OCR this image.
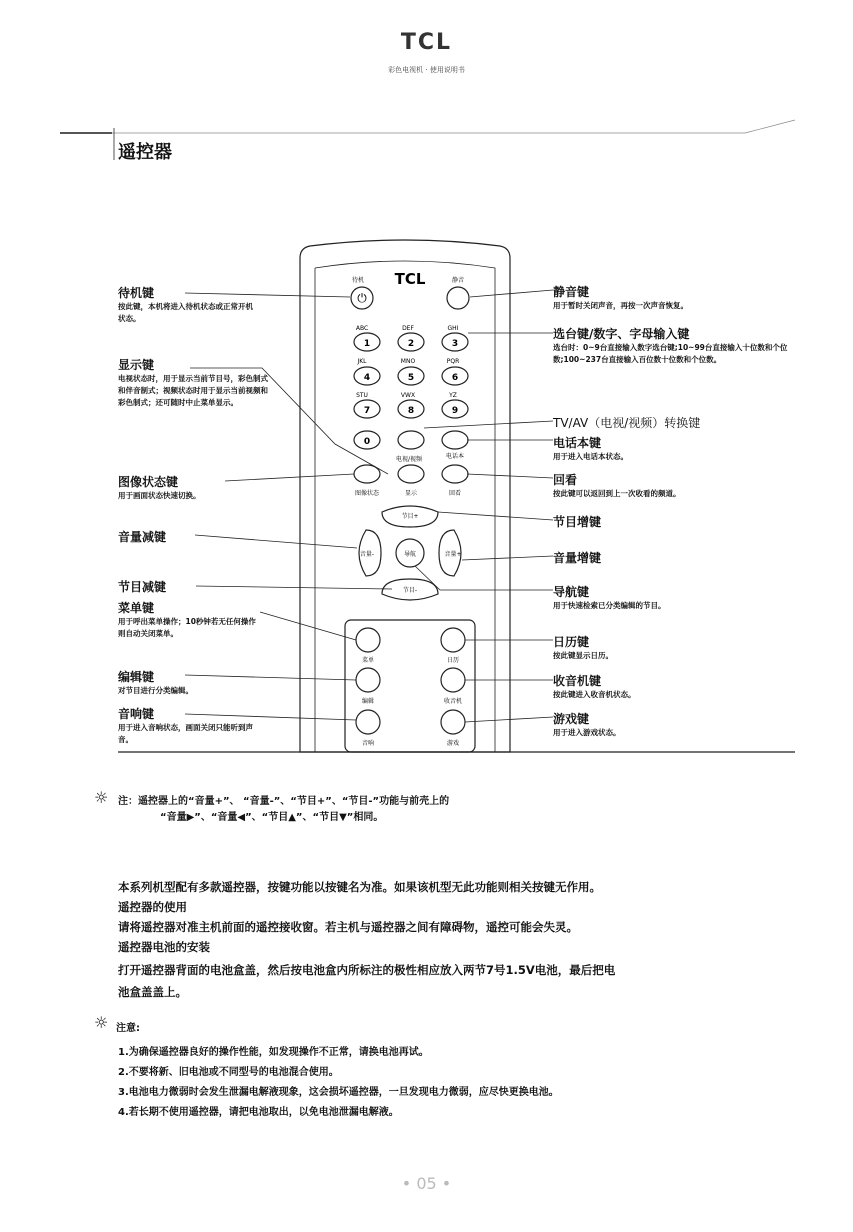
TCL
彩色电视机 · 使用说明书
遥控器
TCL
⏻
待机	静音
ABC	DEF	GHI
JKL	MNO	PQR
STU	VWX	YZ
电视/视频	电话本
图像状态	显示	回看
1	2	3
4	5	6
7	8	9
0
节目+
节目-
音量-	音量+
导航
菜单	日历
编辑	收音机
音响	游戏
待机键
按此键，本机将进入待机状态或正常开机状态。
显示键
电视状态时，用于显示当前节目号，彩色制式和伴音制式；视频状态时用于显示当前视频和彩色制式；还可随时中止菜单显示。
图像状态键
用于画面状态快速切换。
音量减键
节目减键
菜单键
用于呼出菜单操作；10秒钟若无任何操作则自动关闭菜单。
编辑键
对节目进行分类编辑。
音响键
用于进入音响状态，画面关闭只能听到声音。
静音键
用于暂时关闭声音，再按一次声音恢复。
选台键/数字、字母输入键
选台时：0~9台直接输入数字选台键;10~99台直接输入十位数和个位数;100~237台直接输入百位数十位数和个位数。
TV/AV（电视/视频）转换键
电话本键
用于进入电话本状态。
回看
按此键可以返回到上一次收看的频道。
节目增键
音量增键
导航键
用于快速检索已分类编辑的节目。
日历键
按此键显示日历。
收音机键
按此键进入收音机状态。
游戏键
用于进入游戏状态。
☼ 注：遥控器上的“音量+”、 “音量-”、“节目+”、“节目-”功能与前壳上的
“音量▶”、“音量◀”、“节目▲”、“节目▼”相同。
本系列机型配有多款遥控器，按键功能以按键名为准。如果该机型无此功能则相关按键无作用。
遥控器的使用
请将遥控器对准主机前面的遥控接收窗。若主机与遥控器之间有障碍物，遥控可能会失灵。
遥控器电池的安装
打开遥控器背面的电池盒盖，然后按电池盒内所标注的极性相应放入两节7号1.5V电池，最后把电
池盒盖盖上。
☼ 注意:
1.为确保遥控器良好的操作性能，如发现操作不正常，请换电池再试。
2.不要将新、旧电池或不同型号的电池混合使用。
3.电池电力微弱时会发生泄漏电解液现象，这会损坏遥控器，一旦发现电力微弱，应尽快更换电池。
4.若长期不使用遥控器，请把电池取出，以免电池泄漏电解液。
• 05 •
